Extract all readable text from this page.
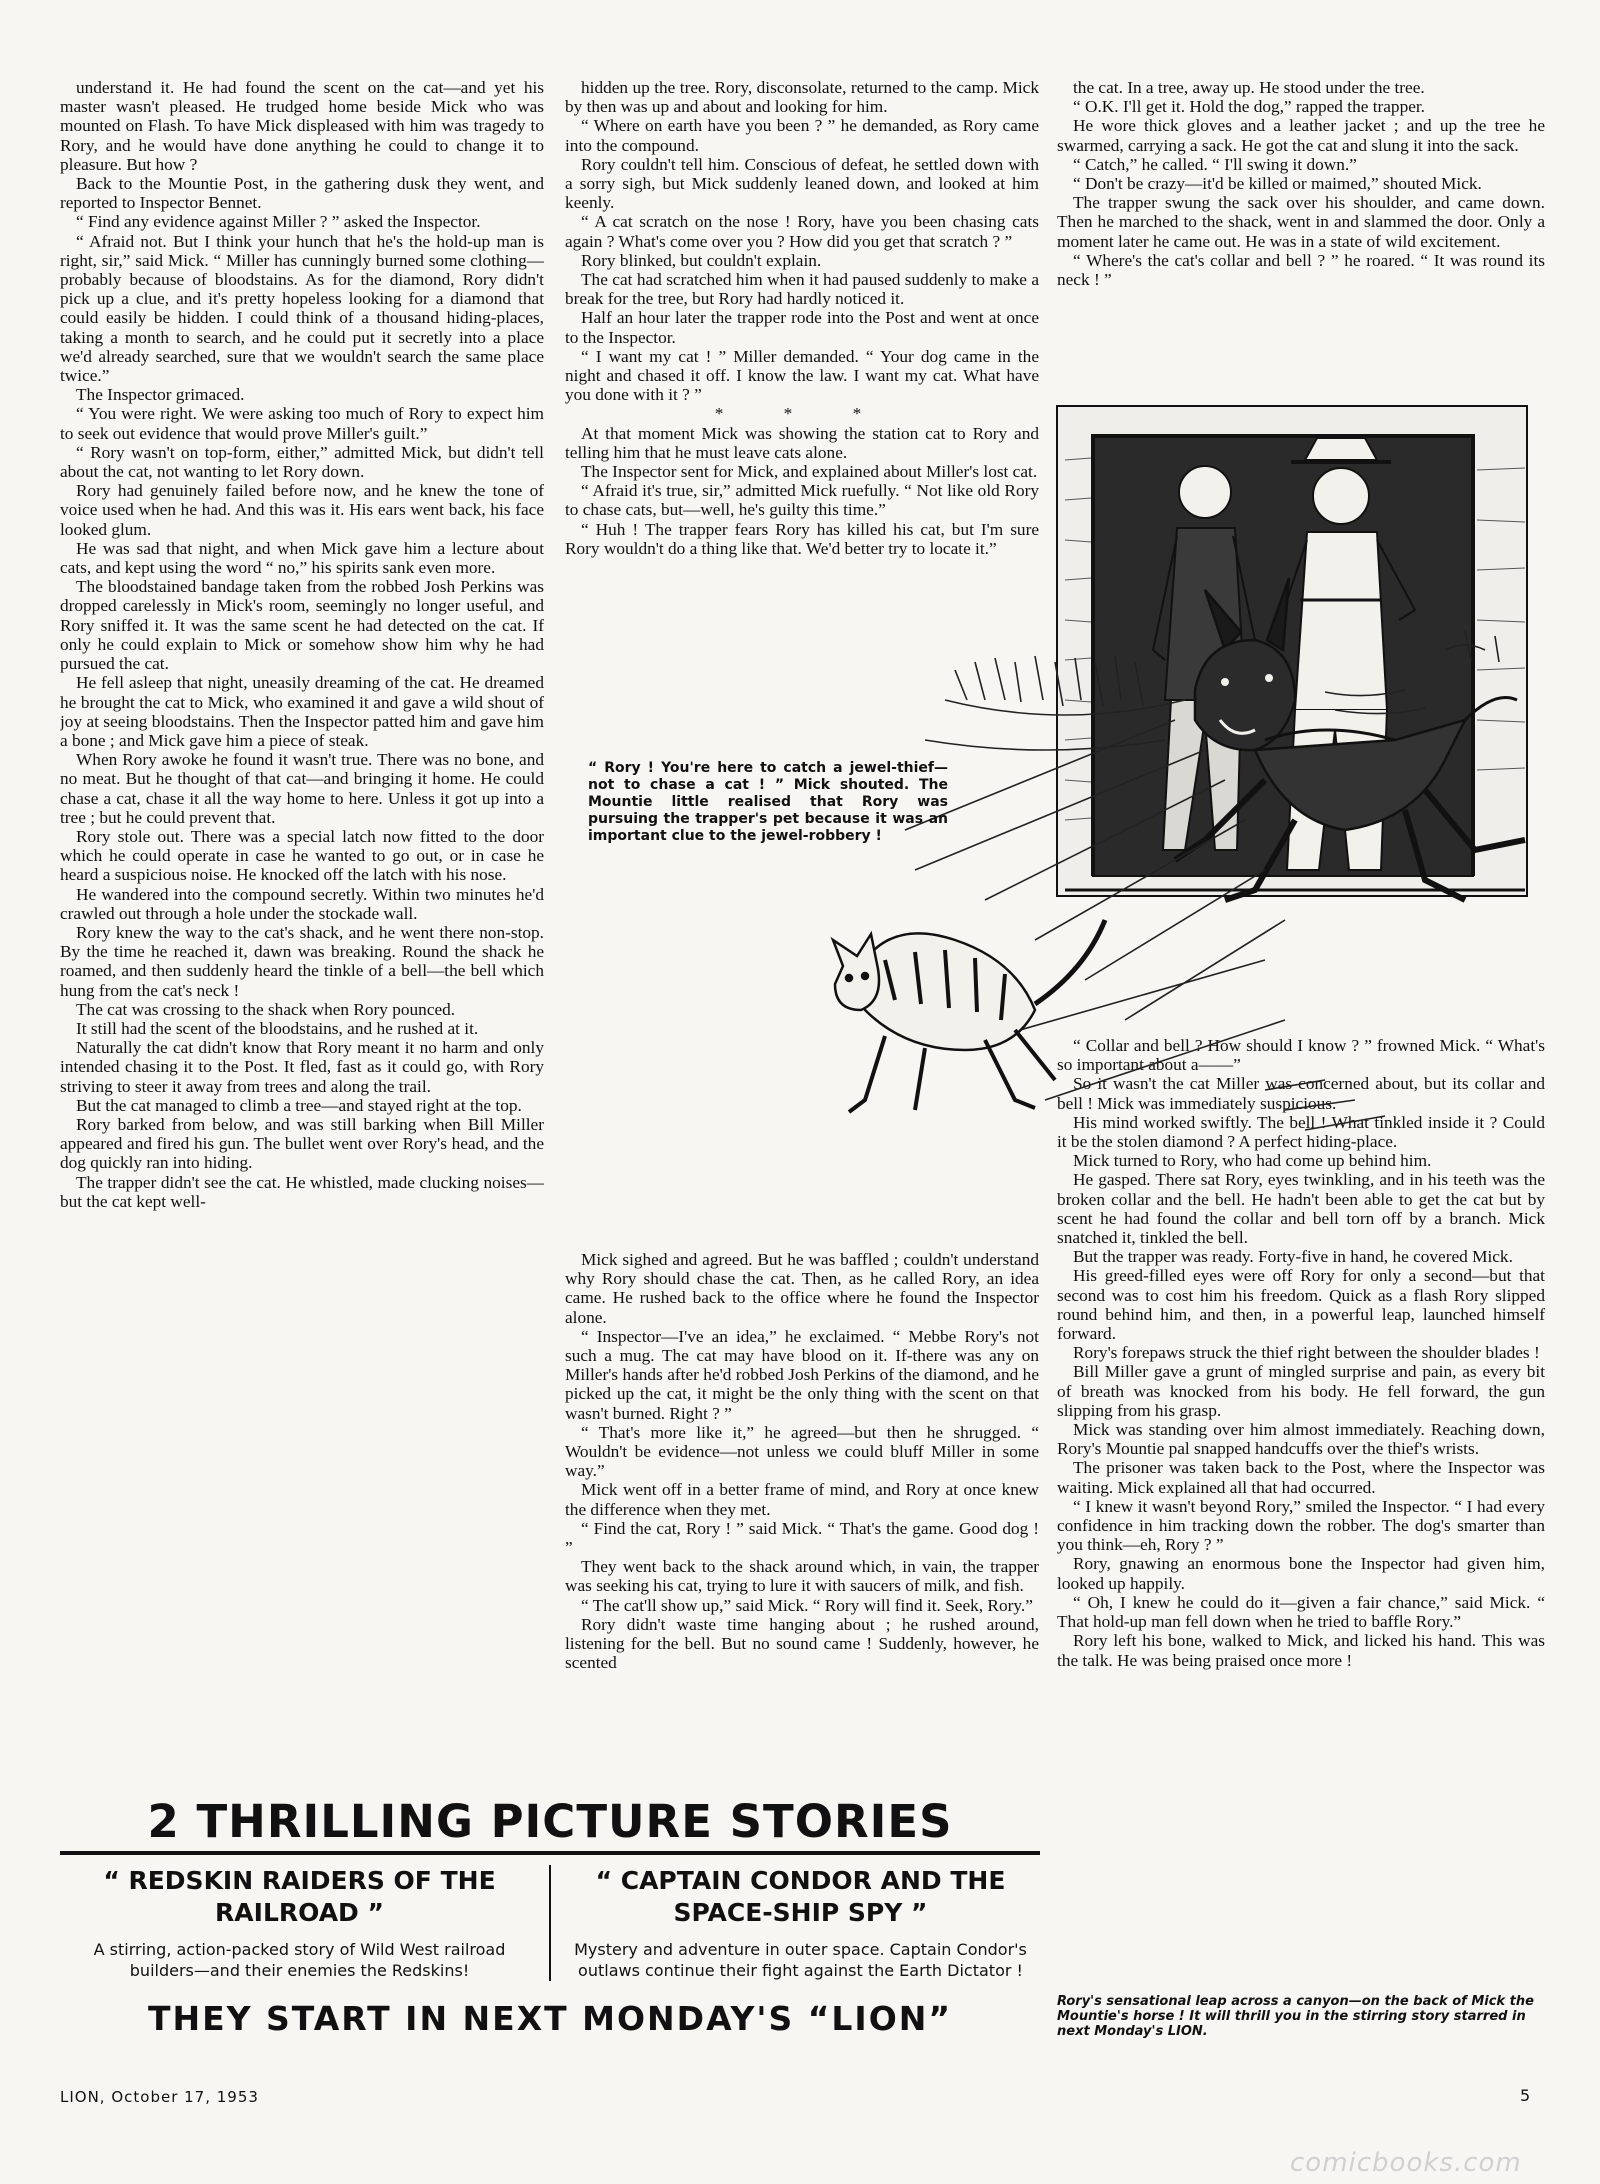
understand it. He had found the scent on the cat—and yet his master wasn't pleased. He trudged home beside Mick who was mounted on Flash. To have Mick displeased with him was tragedy to Rory, and he would have done anything he could to change it to pleasure. But how ?

Back to the Mountie Post, in the gathering dusk they went, and reported to Inspector Bennet.

“ Find any evidence against Miller ? ” asked the Inspector.

“ Afraid not. But I think your hunch that he's the hold-up man is right, sir,” said Mick. “ Miller has cunningly burned some clothing—probably because of bloodstains. As for the diamond, Rory didn't pick up a clue, and it's pretty hopeless looking for a diamond that could easily be hidden. I could think of a thousand hiding-places, taking a month to search, and he could put it secretly into a place we'd already searched, sure that we wouldn't search the same place twice.”

The Inspector grimaced.

“ You were right. We were asking too much of Rory to expect him to seek out evidence that would prove Miller's guilt.”

“ Rory wasn't on top-form, either,” admitted Mick, but didn't tell about the cat, not wanting to let Rory down.

Rory had genuinely failed before now, and he knew the tone of voice used when he had. And this was it. His ears went back, his face looked glum.

He was sad that night, and when Mick gave him a lecture about cats, and kept using the word “ no,” his spirits sank even more.

The bloodstained bandage taken from the robbed Josh Perkins was dropped carelessly in Mick's room, seemingly no longer useful, and Rory sniffed it. It was the same scent he had detected on the cat. If only he could explain to Mick or somehow show him why he had pursued the cat.

He fell asleep that night, uneasily dreaming of the cat. He dreamed he brought the cat to Mick, who examined it and gave a wild shout of joy at seeing bloodstains. Then the Inspector patted him and gave him a bone ; and Mick gave him a piece of steak.

When Rory awoke he found it wasn't true. There was no bone, and no meat. But he thought of that cat—and bringing it home. He could chase a cat, chase it all the way home to here. Unless it got up into a tree ; but he could prevent that.

Rory stole out. There was a special latch now fitted to the door which he could operate in case he wanted to go out, or in case he heard a suspicious noise. He knocked off the latch with his nose.

He wandered into the compound secretly. Within two minutes he'd crawled out through a hole under the stockade wall.

Rory knew the way to the cat's shack, and he went there non-stop. By the time he reached it, dawn was breaking. Round the shack he roamed, and then suddenly heard the tinkle of a bell—the bell which hung from the cat's neck !

The cat was crossing to the shack when Rory pounced.

It still had the scent of the bloodstains, and he rushed at it.

Naturally the cat didn't know that Rory meant it no harm and only intended chasing it to the Post. It fled, fast as it could go, with Rory striving to steer it away from trees and along the trail.

But the cat managed to climb a tree—and stayed right at the top.

Rory barked from below, and was still barking when Bill Miller appeared and fired his gun. The bullet went over Rory's head, and the dog quickly ran into hiding.

The trapper didn't see the cat. He whistled, made clucking noises—but the cat kept well-

hidden up the tree. Rory, disconsolate, returned to the camp. Mick by then was up and about and looking for him.

“ Where on earth have you been ? ” he demanded, as Rory came into the compound.

Rory couldn't tell him. Conscious of defeat, he settled down with a sorry sigh, but Mick suddenly leaned down, and looked at him keenly.

“ A cat scratch on the nose ! Rory, have you been chasing cats again ? What's come over you ? How did you get that scratch ? ”

Rory blinked, but couldn't explain.

The cat had scratched him when it had paused suddenly to make a break for the tree, but Rory had hardly noticed it.

Half an hour later the trapper rode into the Post and went at once to the Inspector.

“ I want my cat ! ” Miller demanded. “ Your dog came in the night and chased it off. I know the law. I want my cat. What have you done with it ? ”

* * *

At that moment Mick was showing the station cat to Rory and telling him that he must leave cats alone.

The Inspector sent for Mick, and explained about Miller's lost cat.

“ Afraid it's true, sir,” admitted Mick ruefully. “ Not like old Rory to chase cats, but—well, he's guilty this time.”

“ Huh ! The trapper fears Rory has killed his cat, but I'm sure Rory wouldn't do a thing like that. We'd better try to locate it.”

Mick sighed and agreed. But he was baffled ; couldn't understand why Rory should chase the cat. Then, as he called Rory, an idea came. He rushed back to the office where he found the Inspector alone.

“ Inspector—I've an idea,” he exclaimed. “ Mebbe Rory's not such a mug. The cat may have blood on it. If-there was any on Miller's hands after he'd robbed Josh Perkins of the diamond, and he picked up the cat, it might be the only thing with the scent on that wasn't burned. Right ? ”

“ That's more like it,” he agreed—but then he shrugged. “ Wouldn't be evidence—not unless we could bluff Miller in some way.”

Mick went off in a better frame of mind, and Rory at once knew the difference when they met.

“ Find the cat, Rory ! ” said Mick. “ That's the game. Good dog ! ”

They went back to the shack around which, in vain, the trapper was seeking his cat, trying to lure it with saucers of milk, and fish.

“ The cat'll show up,” said Mick. “ Rory will find it. Seek, Rory.”

Rory didn't waste time hanging about ; he rushed around, listening for the bell. But no sound came ! Suddenly, however, he scented

the cat. In a tree, away up. He stood under the tree.

“ O.K. I'll get it. Hold the dog,” rapped the trapper.

He wore thick gloves and a leather jacket ; and up the tree he swarmed, carrying a sack. He got the cat and slung it into the sack.

“ Catch,” he called. “ I'll swing it down.”

“ Don't be crazy—it'd be killed or maimed,” shouted Mick.

The trapper swung the sack over his shoulder, and came down. Then he marched to the shack, went in and slammed the door. Only a moment later he came out. He was in a state of wild excitement.

“ Where's the cat's collar and bell ? ” he roared. “ It was round its neck ! ”

“ Collar and bell ? How should I know ? ” frowned Mick. “ What's so important about a——”

So it wasn't the cat Miller was concerned about, but its collar and bell ! Mick was immediately suspicious.

His mind worked swiftly. The bell ! What tinkled inside it ? Could it be the stolen diamond ? A perfect hiding-place.

Mick turned to Rory, who had come up behind him.

He gasped. There sat Rory, eyes twinkling, and in his teeth was the broken collar and the bell. He hadn't been able to get the cat but by scent he had found the collar and bell torn off by a branch. Mick snatched it, tinkled the bell.

But the trapper was ready. Forty-five in hand, he covered Mick.

His greed-filled eyes were off Rory for only a second—but that second was to cost him his freedom. Quick as a flash Rory slipped round behind him, and then, in a powerful leap, launched himself forward.

Rory's forepaws struck the thief right between the shoulder blades !

Bill Miller gave a grunt of mingled surprise and pain, as every bit of breath was knocked from his body. He fell forward, the gun slipping from his grasp.

Mick was standing over him almost immediately. Reaching down, Rory's Mountie pal snapped handcuffs over the thief's wrists.

The prisoner was taken back to the Post, where the Inspector was waiting. Mick explained all that had occurred.

“ I knew it wasn't beyond Rory,” smiled the Inspector. “ I had every confidence in him tracking down the robber. The dog's smarter than you think—eh, Rory ? ”

Rory, gnawing an enormous bone the Inspector had given him, looked up happily.

“ Oh, I knew he could do it—given a fair chance,” said Mick. “ That hold-up man fell down when he tried to baffle Rory.”

Rory left his bone, walked to Mick, and licked his hand. This was the talk. He was being praised once more !

“ Rory ! You're here to catch a jewel-thief—not to chase a cat ! ” Mick shouted. The Mountie little realised that Rory was pursuing the trapper's pet because it was an important clue to the jewel-robbery !
2 THRILLING PICTURE STORIES
“ REDSKIN RAIDERS OF THE RAILROAD ”
A stirring, action-packed story of Wild West railroad builders—and their enemies the Redskins!
“ CAPTAIN CONDOR AND THE SPACE-SHIP SPY ”
Mystery and adventure in outer space. Captain Condor's outlaws continue their fight against the Earth Dictator !
THEY START IN NEXT MONDAY'S “LION”	Rory's sensational leap across a canyon—on the back of Mick the Mountie's horse ! It will thrill you in the stirring story starred in next Monday's LION.
LION, October 17, 1953	5
comicbooks.com
